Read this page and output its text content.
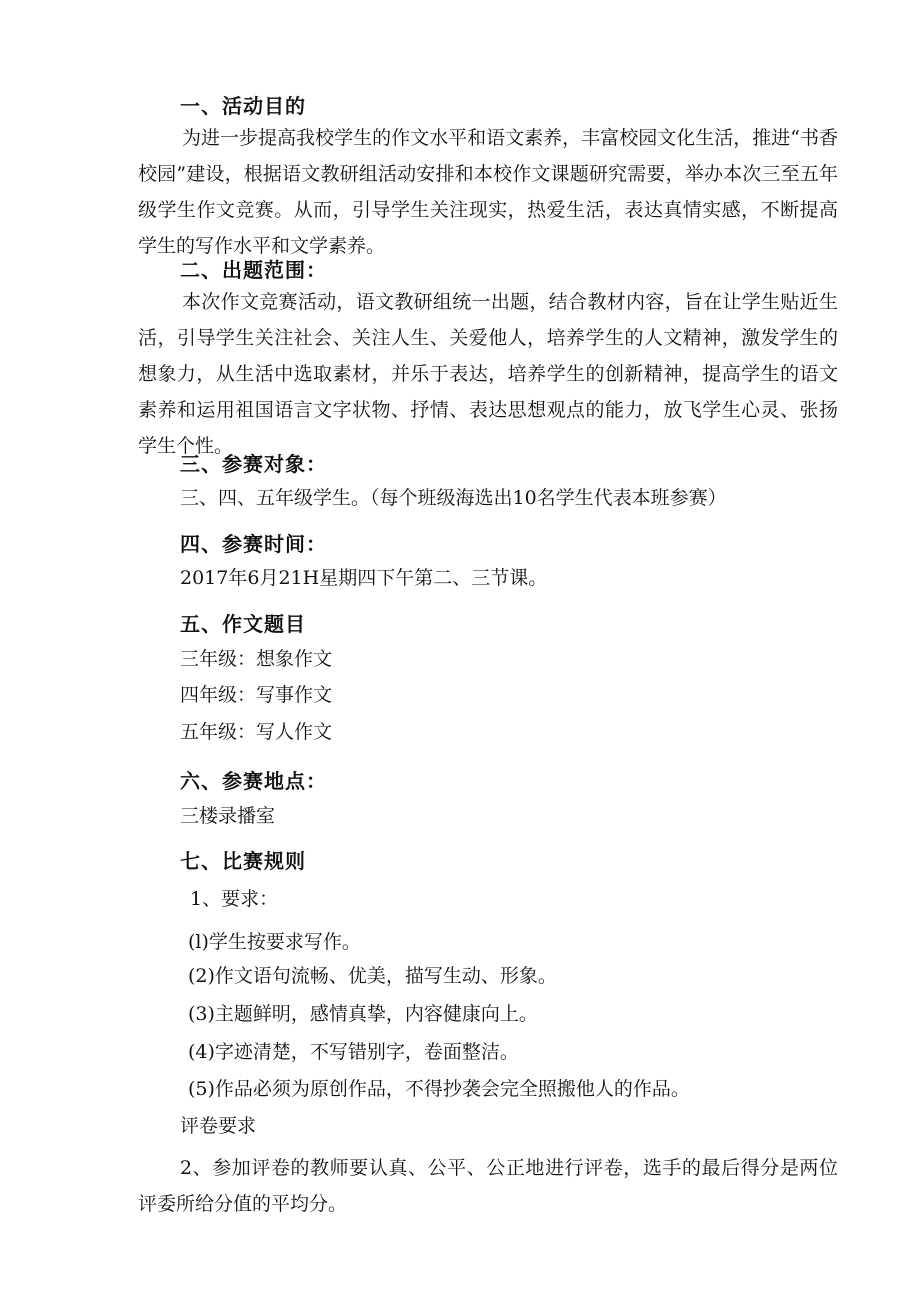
一、活动目的

为进一步提高我校学生的作文水平和语文素养，丰富校园文化生活，推进“书香校园”建设，根据语文教研组活动安排和本校作文课题研究需要，举办本次三至五年级学生作文竞赛。从而，引导学生关注现实，热爱生活，表达真情实感，不断提高学生的写作水平和文学素养。

二、出题范围：

本次作文竞赛活动，语文教研组统一出题，结合教材内容，旨在让学生贴近生活，引导学生关注社会、关注人生、关爱他人，培养学生的人文精神，激发学生的想象力，从生活中选取素材，并乐于表达，培养学生的创新精神，提高学生的语文素养和运用祖国语言文字状物、抒情、表达思想观点的能力，放飞学生心灵、张扬学生个性。

三、参赛对象：

三、四、五年级学生。（每个班级海选出10名学生代表本班参赛）

四、参赛时间：

2017年6月21H星期四下午第二、三节课。

五、作文题目

三年级：想象作文

四年级：写事作文

五年级：写人作文

六、参赛地点：

三楼录播室

七、比赛规则

1、要求：

(l)学生按要求写作。

(2)作文语句流畅、优美，描写生动、形象。

(3)主题鲜明，感情真挚，内容健康向上。

(4)字迹清楚，不写错别字，卷面整洁。

(5)作品必须为原创作品，不得抄袭会完全照搬他人的作品。

评卷要求

2、参加评卷的教师要认真、公平、公正地进行评卷，选手的最后得分是两位评委所给分值的平均分。
